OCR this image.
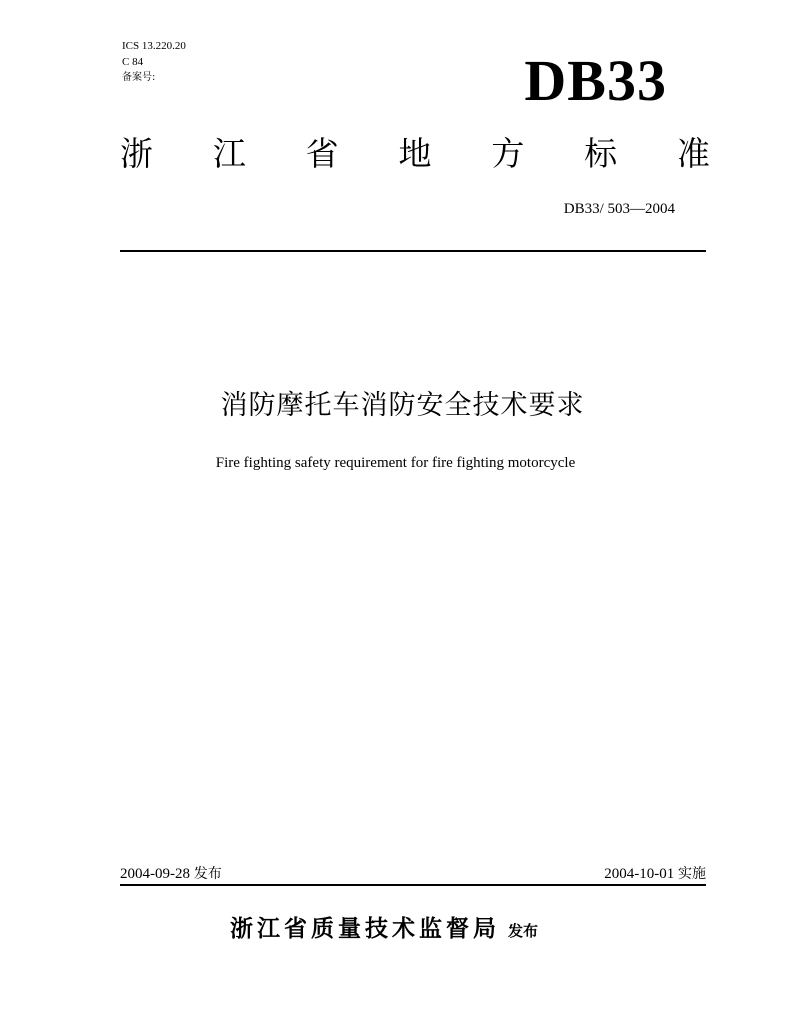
ICS 13.220.20
C 84
备案号:	DB33
浙 江 省 地 方 标 准
DB33/ 503—2004
消防摩托车消防安全技术要求
Fire fighting safety requirement for fire fighting motorcycle
2004-09-28 发布	2004-10-01 实施
浙江省质量技术监督局 发布
